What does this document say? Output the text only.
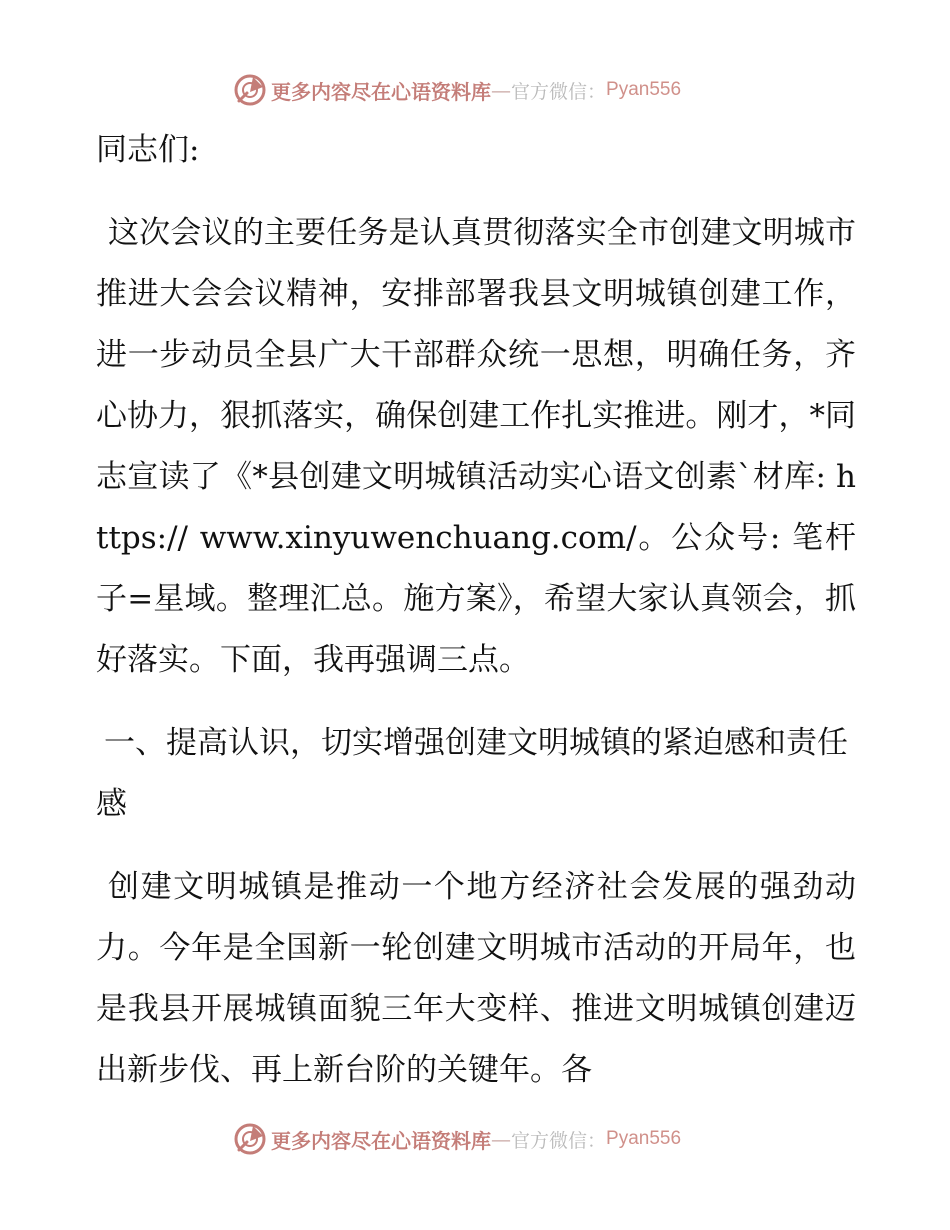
更多内容尽在心语资料库 — 官方微信： Pyan556

同志们:

这次会议的主要任务是认真贯彻落实全市创建文明城市推进大会会议精神，安排部署我县文明城镇创建工作，进一步动员全县广大干部群众统一思想，明确任务，齐心协力，狠抓落实，确保创建工作扎实推进。刚才，*同志宣读了《*县创建文明城镇活动实心语文创素`材库: https:// www.xinyuwenchuang.com/。公众号: 笔杆子=星域。整理汇总。施方案》，希望大家认真领会，抓好落实。下面，我再强调三点。

一、提高认识，切实增强创建文明城镇的紧迫感和责任感

创建文明城镇是推动一个地方经济社会发展的强劲动力。今年是全国新一轮创建文明城市活动的开局年，也是我县开展城镇面貌三年大变样、推进文明城镇创建迈出新步伐、再上新台阶的关键年。各

更多内容尽在心语资料库 — 官方微信： Pyan556
